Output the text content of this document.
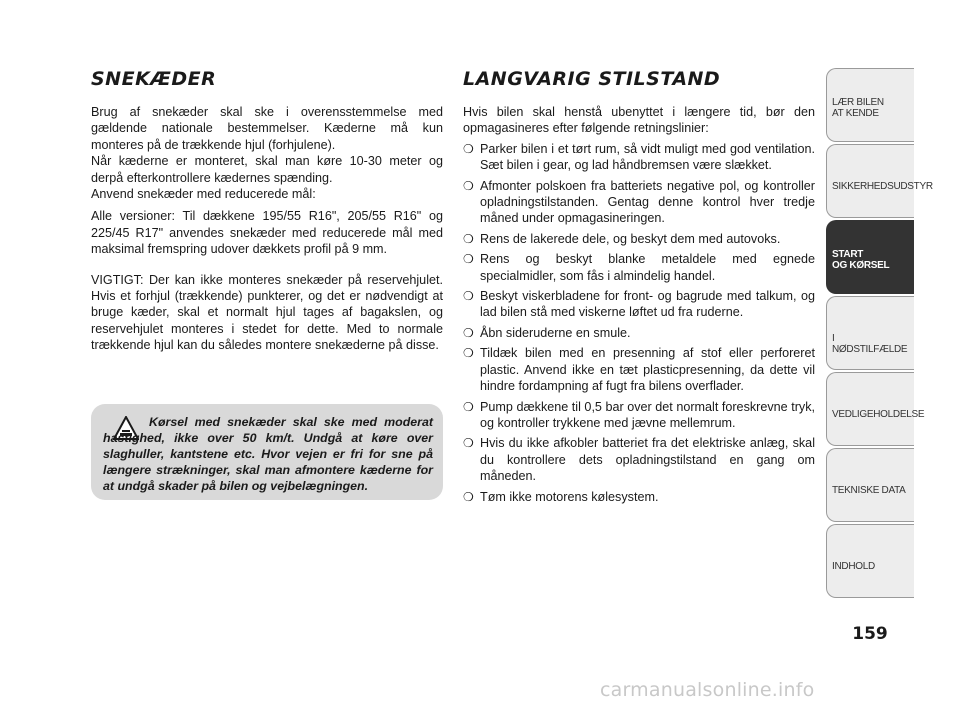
SNEKÆDER	LANGVARIG STILSTAND

Brug af snekæder skal ske i overensstemmelse med gældende nationale bestemmelser. Kæderne må kun monteres på de trækkende hjul (forhjulene).

Når kæderne er monteret, skal man køre 10-30 meter og derpå efterkontrollere kædernes spænding.

Anvend snekæder med reducerede mål:

Alle versioner: Til dækkene 195/55 R16", 205/55 R16" og 225/45 R17" anvendes snekæder med reducerede mål med maksimal fremspring udover dækkets profil på 9 mm.

VIGTIGT: Der kan ikke monteres snekæder på reservehjulet. Hvis et forhjul (trækkende) punkterer, og det er nødvendigt at bruge kæder, skal et normalt hjul tages af bagakslen, og reservehjulet monteres i stedet for dette. Med to normale trækkende hjul kan du således montere snekæderne på disse.

Kørsel med snekæder skal ske med moderat hastighed, ikke over 50 km/t. Undgå at køre over slaghuller, kantstene etc. Hvor vejen er fri for sne på længere strækninger, skal man afmontere kæderne for at undgå skader på bilen og vejbelægningen.

Hvis bilen skal henstå ubenyttet i længere tid, bør den opmagasineres efter følgende retningslinier:

❍ Parker bilen i et tørt rum, så vidt muligt med god ventilation. Sæt bilen i gear, og lad håndbremsen være slækket.
❍ Afmonter polskoen fra batteriets negative pol, og kontroller opladningstilstanden. Gentag denne kontrol hver tredje måned under opmagasineringen.
❍ Rens de lakerede dele, og beskyt dem med autovoks.
❍ Rens og beskyt blanke metaldele med egnede specialmidler, som fås i almindelig handel.
❍ Beskyt viskerbladene for front- og bagrude med talkum, og lad bilen stå med viskerne løftet ud fra ruderne.
❍ Åbn sideruderne en smule.
❍ Tildæk bilen med en presenning af stof eller perforeret plastic. Anvend ikke en tæt plasticpresenning, da dette vil hindre fordampning af fugt fra bilens overflader.
❍ Pump dækkene til 0,5 bar over det normalt foreskrevne tryk, og kontroller trykkene med jævne mellemrum.
❍ Hvis du ikke afkobler batteriet fra det elektriske anlæg, skal du kontrollere dets opladningstilstand en gang om måneden.
❍ Tøm ikke motorens kølesystem.
LÆR BILEN
AT KENDE
SIKKERHEDSUDSTYR
START
OG KØRSEL
I NØDSTILFÆLDE
VEDLIGEHOLDELSE
TEKNISKE DATA
INDHOLD
159
carmanualsonline.info
